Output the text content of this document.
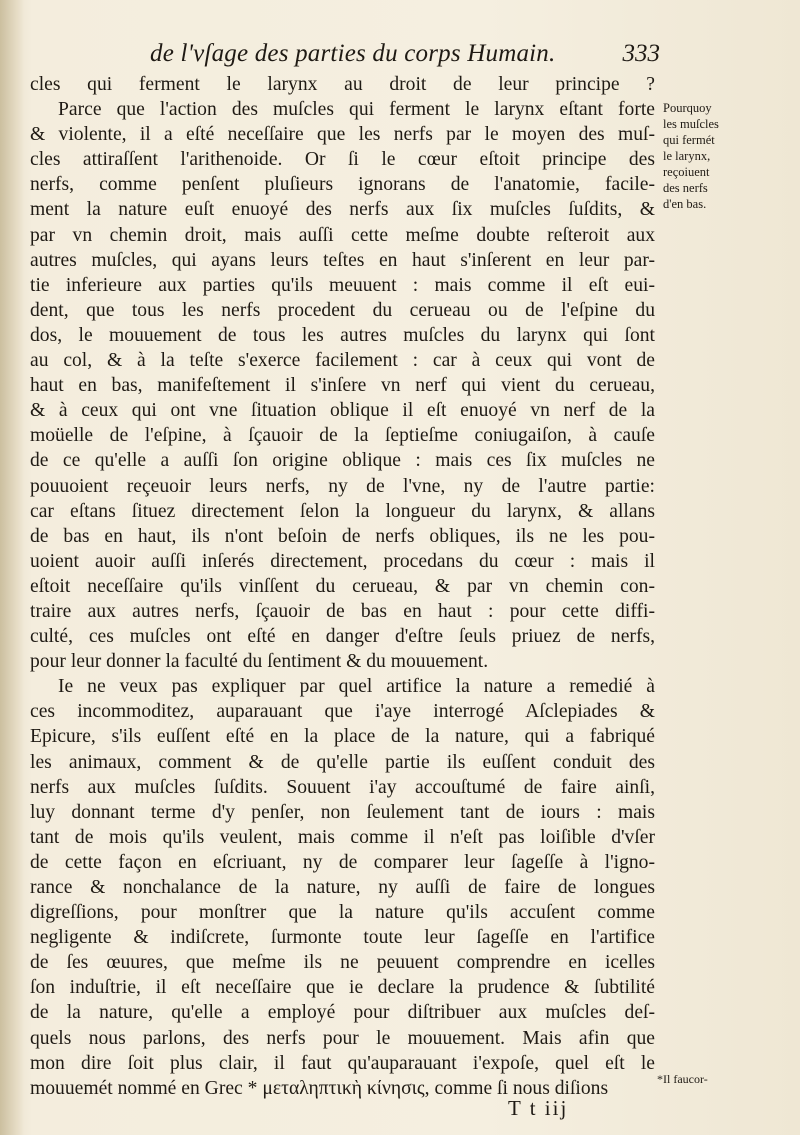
de l'vſage des parties du corps Humain.	333
cles qui ferment le larynx au droit de leur principe ?
Parce que l'action des muſcles qui ferment le larynx eſtant forte
& violente, il a eſté neceſſaire que les nerfs par le moyen des muſ-
cles attiraſſent l'arithenoide. Or ſi le cœur eſtoit principe des
nerfs, comme penſent pluſieurs ignorans de l'anatomie, facile-
ment la nature euſt enuoyé des nerfs aux ſix muſcles ſuſdits, &
par vn chemin droit, mais auſſi cette meſme doubte reſteroit aux
autres muſcles, qui ayans leurs teſtes en haut s'inſerent en leur par-
tie inferieure aux parties qu'ils meuuent : mais comme il eſt eui-
dent, que tous les nerfs procedent du cerueau ou de l'eſpine du
dos, le mouuement de tous les autres muſcles du larynx qui ſont
au col, & à la teſte s'exerce facilement : car à ceux qui vont de
haut en bas, manifeſtement il s'inſere vn nerf qui vient du cerueau,
& à ceux qui ont vne ſituation oblique il eſt enuoyé vn nerf de la
moüelle de l'eſpine, à ſçauoir de la ſeptieſme coniugaiſon, à cauſe
de ce qu'elle a auſſi ſon origine oblique : mais ces ſix muſcles ne
pouuoient reçeuoir leurs nerfs, ny de l'vne, ny de l'autre partie:
car eſtans ſituez directement ſelon la longueur du larynx, & allans
de bas en haut, ils n'ont beſoin de nerfs obliques, ils ne les pou-
uoient auoir auſſi inſerés directement, procedans du cœur : mais il
eſtoit neceſſaire qu'ils vinſſent du cerueau, & par vn chemin con-
traire aux autres nerfs, ſçauoir de bas en haut : pour cette diffi-
culté, ces muſcles ont eſté en danger d'eſtre ſeuls priuez de nerfs,
pour leur donner la faculté du ſentiment & du mouuement.
Ie ne veux pas expliquer par quel artifice la nature a remedié à
ces incommoditez, auparauant que i'aye interrogé Aſclepiades &
Epicure, s'ils euſſent eſté en la place de la nature, qui a fabriqué
les animaux, comment & de qu'elle partie ils euſſent conduit des
nerfs aux muſcles ſuſdits. Souuent i'ay accouſtumé de faire ainſi,
luy donnant terme d'y penſer, non ſeulement tant de iours : mais
tant de mois qu'ils veulent, mais comme il n'eſt pas loiſible d'vſer
de cette façon en eſcriuant, ny de comparer leur ſageſſe à l'igno-
rance & nonchalance de la nature, ny auſſi de faire de longues
digreſſions, pour monſtrer que la nature qu'ils accuſent comme
negligente & indiſcrete, ſurmonte toute leur ſageſſe en l'artifice
de ſes œuures, que meſme ils ne peuuent comprendre en icelles
ſon induſtrie, il eſt neceſſaire que ie declare la prudence & ſubtilité
de la nature, qu'elle a employé pour diſtribuer aux muſcles deſ-
quels nous parlons, des nerfs pour le mouuement. Mais afin que
mon dire ſoit plus clair, il faut qu'auparauant i'expoſe, quel eſt le
mouuemét nommé en Grec * μεταληπτικὴ κίνησις, comme ſi nous diſions
Pourquoy
les muſcles
qui fermét
le larynx,
reçoiuent
des nerfs
d'en bas.
*Il faucor-
T t iij
